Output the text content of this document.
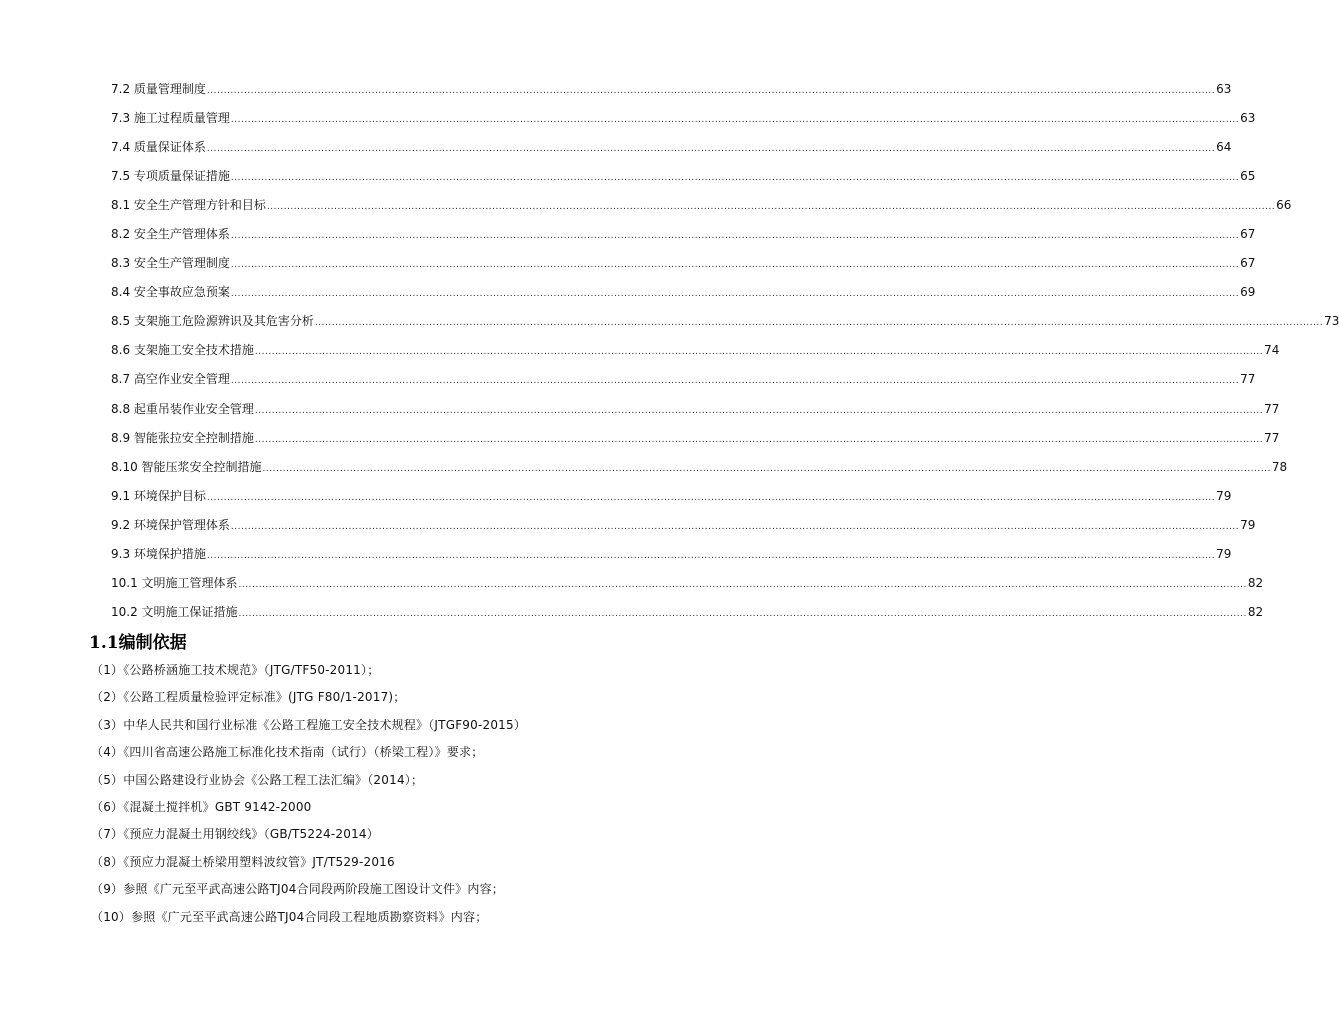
7.2 质量管理制度 ............................................................................................................................................................................................................................................................................................................ 63
7.3 施工过程质量管理 ............................................................................................................................................................................................................................................................................................................ 63
7.4 质量保证体系 ............................................................................................................................................................................................................................................................................................................ 64
7.5 专项质量保证措施 ............................................................................................................................................................................................................................................................................................................ 65
8.1 安全生产管理方针和目标 ............................................................................................................................................................................................................................................................................................................ 66
8.2 安全生产管理体系 ............................................................................................................................................................................................................................................................................................................ 67
8.3 安全生产管理制度 ............................................................................................................................................................................................................................................................................................................ 67
8.4 安全事故应急预案 ............................................................................................................................................................................................................................................................................................................ 69
8.5 支架施工危险源辨识及其危害分析 ............................................................................................................................................................................................................................................................................................................ 73
8.6 支架施工安全技术措施 ............................................................................................................................................................................................................................................................................................................ 74
8.7 高空作业安全管理 ............................................................................................................................................................................................................................................................................................................ 77
8.8 起重吊装作业安全管理 ............................................................................................................................................................................................................................................................................................................ 77
8.9 智能张拉安全控制措施 ............................................................................................................................................................................................................................................................................................................ 77
8.10 智能压浆安全控制措施 ............................................................................................................................................................................................................................................................................................................ 78
9.1 环境保护目标 ............................................................................................................................................................................................................................................................................................................ 79
9.2 环境保护管理体系 ............................................................................................................................................................................................................................................................................................................ 79
9.3 环境保护措施 ............................................................................................................................................................................................................................................................................................................ 79
10.1 文明施工管理体系 ............................................................................................................................................................................................................................................................................................................ 82
10.2 文明施工保证措施 ............................................................................................................................................................................................................................................................................................................ 82
1.1编制依据
（1）《公路桥涵施工技术规范》（JTG/TF50-2011）；
（2）《公路工程质量检验评定标准》(JTG F80/1-2017)；
（3）中华人民共和国行业标准《公路工程施工安全技术规程》（JTGF90-2015）
（4）《四川省高速公路施工标准化技术指南（试行）（桥梁工程）》要求；
（5）中国公路建设行业协会《公路工程工法汇编》（2014）；
（6）《混凝土搅拌机》GBT 9142-2000
（7）《预应力混凝土用钢绞线》（GB/T5224-2014）
（8）《预应力混凝土桥梁用塑料波纹管》JT/T529-2016
（9）参照《广元至平武高速公路TJ04合同段两阶段施工图设计文件》内容；
（10）参照《广元至平武高速公路TJ04合同段工程地质勘察资料》内容；
